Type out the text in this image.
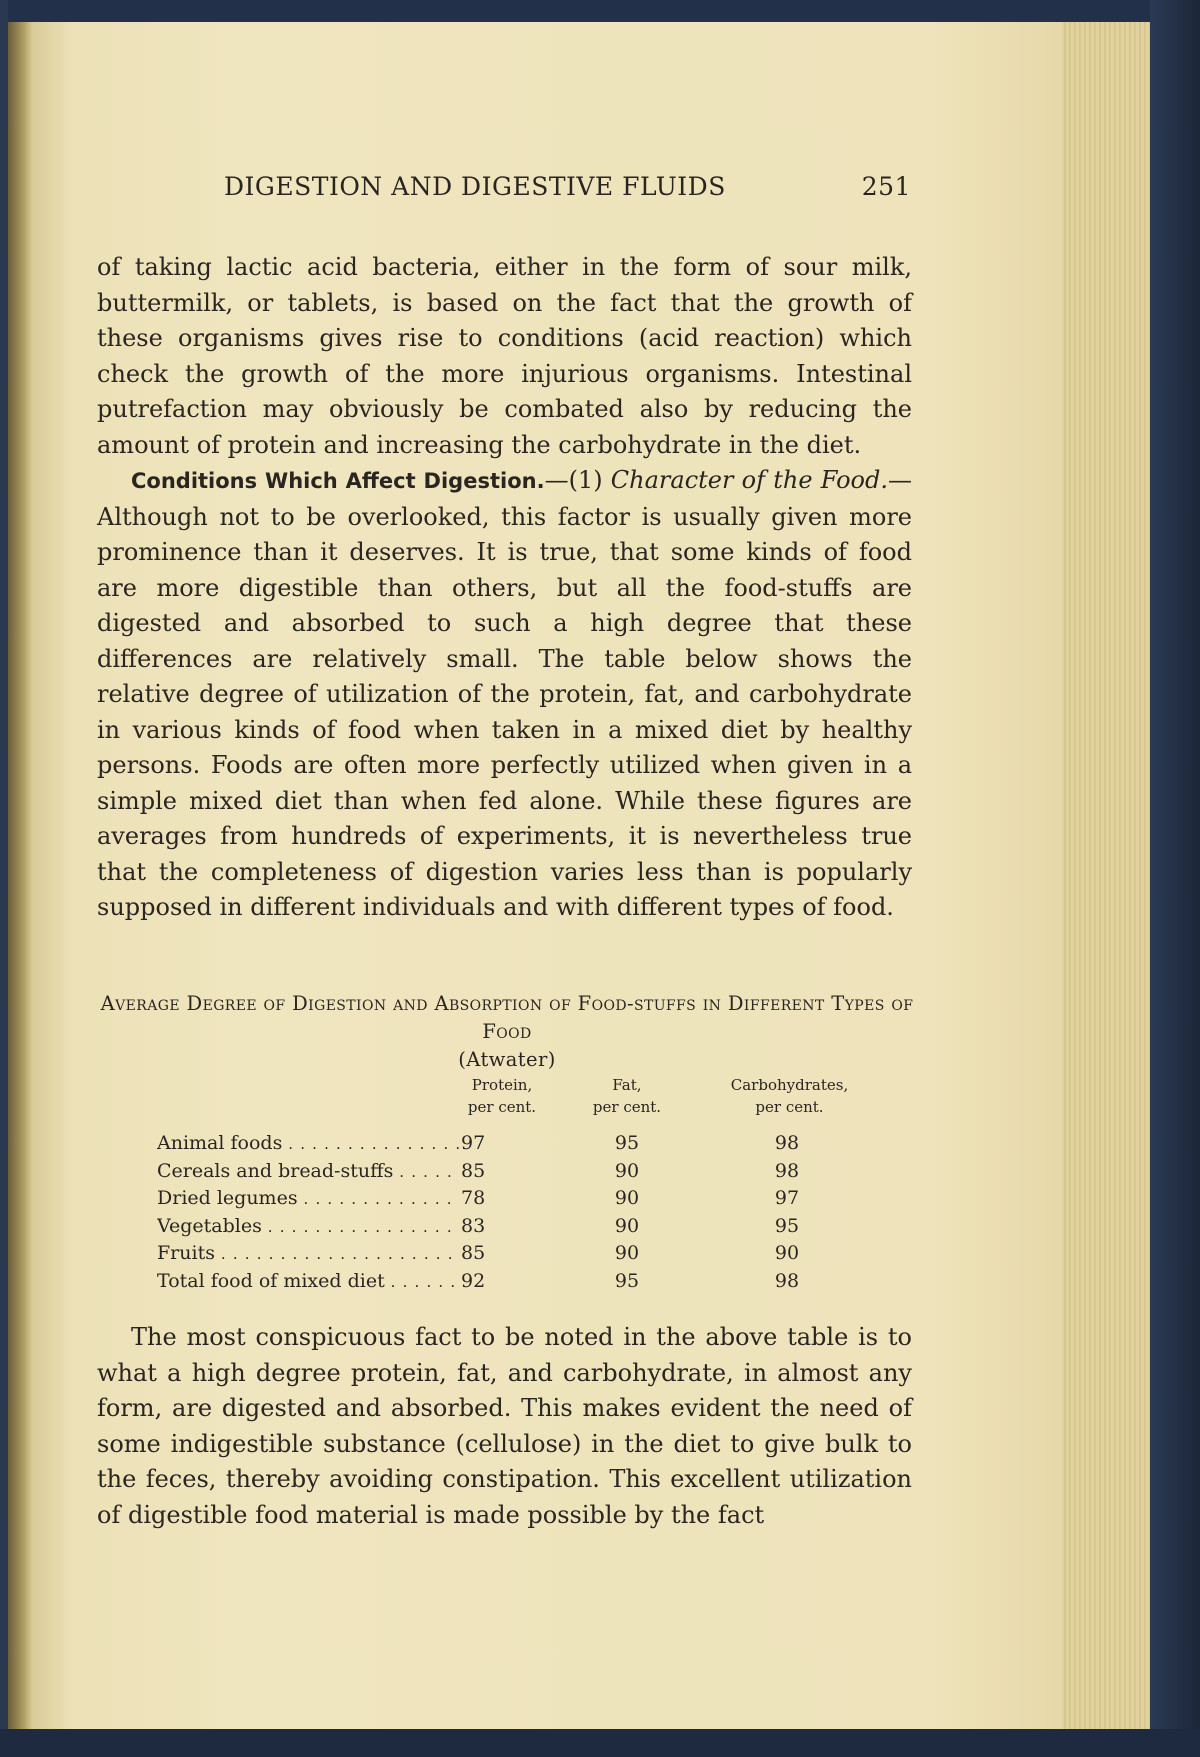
DIGESTION AND DIGESTIVE FLUIDS	251

of taking lactic acid bacteria, either in the form of sour milk, buttermilk, or tablets, is based on the fact that the growth of these organisms gives rise to conditions (acid reaction) which check the growth of the more injurious organisms. Intestinal putrefaction may obviously be combated also by reducing the amount of protein and increasing the carbohydrate in the diet.

Conditions Which Affect Digestion.—(1) Character of the Food.—Although not to be overlooked, this factor is usually given more prominence than it deserves. It is true, that some kinds of food are more digestible than others, but all the food-stuffs are digested and absorbed to such a high degree that these differences are relatively small. The table below shows the relative degree of utilization of the protein, fat, and carbohydrate in various kinds of food when taken in a mixed diet by healthy persons. Foods are often more perfectly utilized when given in a simple mixed diet than when fed alone. While these figures are averages from hundreds of experiments, it is nevertheless true that the completeness of digestion varies less than is popularly supposed in different individuals and with different types of food.

Average Degree of Digestion and Absorption of Food-stuffs in Different Types of Food
(Atwater)
Protein,
per cent.
Fat,
per cent.
Carbohydrates,
per cent.
Animal foods . . .	97	95	98
Cereals and bread-stuffs . . .	85	90	98
Dried legumes . . .	78	90	97
Vegetables . . .	83	90	95
Fruits . . .	85	90	90
Total food of mixed diet . . .	92	95	98

The most conspicuous fact to be noted in the above table is to what a high degree protein, fat, and carbohydrate, in almost any form, are digested and absorbed. This makes evident the need of some indigestible substance (cellulose) in the diet to give bulk to the feces, thereby avoiding constipation. This excellent utilization of digestible food material is made possible by the fact
